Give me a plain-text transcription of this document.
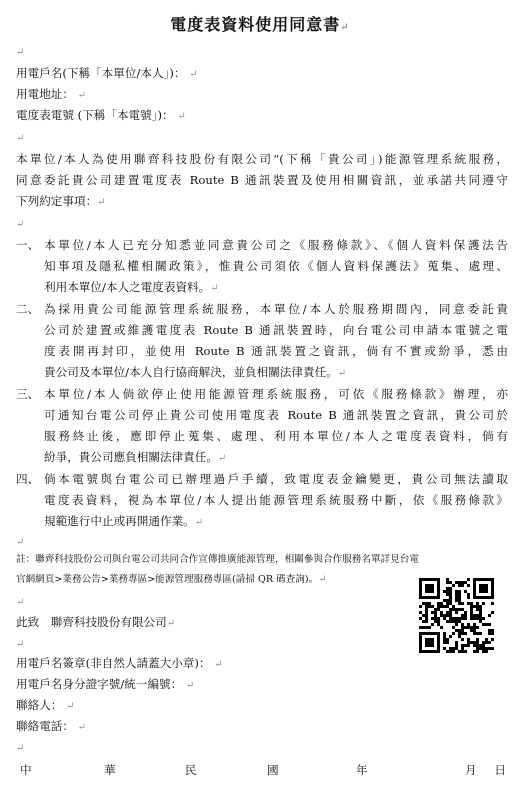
電度表資料使用同意書↵
↵
用電戶名(下稱「本單位/本人」)： ↵
用電地址： ↵
電度表電號 (下稱「本電號」)： ↵
↵
本單位/本人為使用聯齊科技股份有限公司“(下稱「貴公司」)能源管理系統服務，
同意委託貴公司建置電度表 Route B 通訊裝置及使用相關資訊，並承諾共同遵守
下列約定事項：↵
↵
一、 本單位/本人已充分知悉並同意貴公司之《服務條款》、《個人資料保護法告
知事項及隱私權相關政策》，惟貴公司須依《個人資料保護法》蒐集、處理、
利用本單位/本人之電度表資料。↵
二、 為採用貴公司能源管理系統服務，本單位/本人於服務期間內，同意委託貴
公司於建置或維護電度表 Route B 通訊裝置時，向台電公司申請本電號之電
度表開再封印，並使用 Route B 通訊裝置之資訊，倘有不實或紛爭，悉由
貴公司及本單位/本人自行協商解決，並負相關法律責任。↵
三、 本單位/本人倘欲停止使用能源管理系統服務，可依《服務條款》辦理，亦
可通知台電公司停止貴公司使用電度表 Route B 通訊裝置之資訊，貴公司於
服務終止後，應即停止蒐集、處理、利用本單位/本人之電度表資料，倘有
紛爭，貴公司應負相關法律責任。↵
四、 倘本電號與台電公司已辦理過戶手續，致電度表金鑰變更，貴公司無法讀取
電度表資料，視為本單位/本人提出能源管理系統服務中斷，依《服務條款》
規範進行中止或再開通作業。↵
↵
註：聯齊科技股份公司與台電公司共同合作宣傳推廣能源管理，相關參與合作服務名單詳見台電
官網網頁>業務公告>業務專區>能源管理服務專區(請掃 QR 碼查詢)。↵
↵
此致　聯齊科技股份有限公司↵
↵
用電戶名簽章(非自然人請蓋大小章)： ↵
用電戶名身分證字號/統一編號： ↵
聯絡人： ↵
聯絡電話： ↵
↵
中	華	民	國	年	月 日
